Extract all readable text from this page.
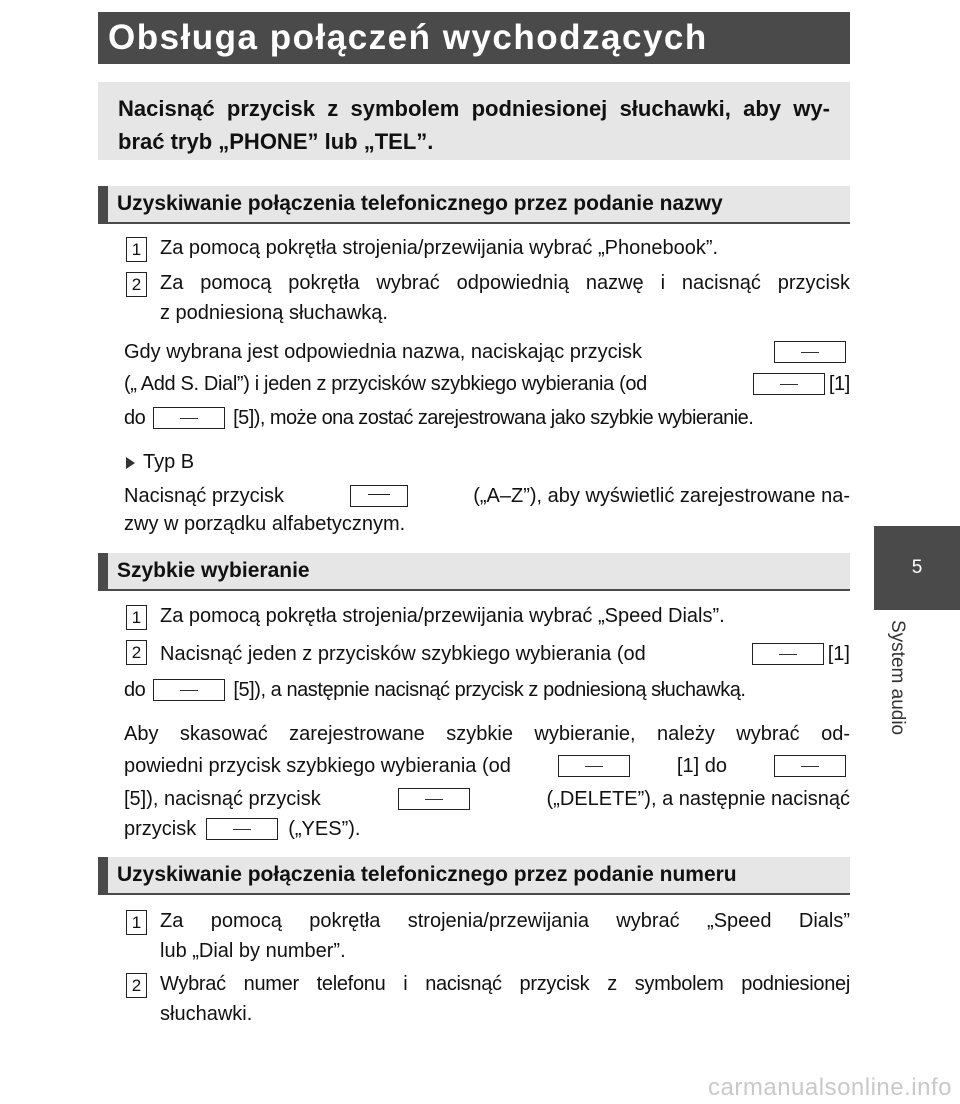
Obsługa połączeń wychodzących
Nacisnąć przycisk z symbolem podniesionej słuchawki, aby wy-
brać tryb „PHONE” lub „TEL”.
Uzyskiwanie połączenia telefonicznego przez podanie nazwy
1 Za pomocą pokrętła strojenia/przewijania wybrać „Phonebook”.
2 Za pomocą pokrętła wybrać odpowiednią nazwę i nacisnąć przycisk
z podniesioną słuchawką.
Gdy wybrana jest odpowiednia nazwa, naciskając przycisk
(„ Add S. Dial”) i jeden z przycisków szybkiego wybierania (od	[1]
do	[5]), może ona zostać zarejestrowana jako szybkie wybieranie.
Typ B
Nacisnąć przycisk	(„A–Z”), aby wyświetlić zarejestrowane na-
zwy w porządku alfabetycznym.
Szybkie wybieranie
1 Za pomocą pokrętła strojenia/przewijania wybrać „Speed Dials”.
2 Nacisnąć jeden z przycisków szybkiego wybierania (od	[1]
do	[5]), a następnie nacisnąć przycisk z podniesioną słuchawką.
Aby skasować zarejestrowane szybkie wybieranie, należy wybrać od-
powiedni przycisk szybkiego wybierania (od	[1] do
[5]), nacisnąć przycisk	(„DELETE”), a następnie nacisnąć
przycisk	(„YES”).
Uzyskiwanie połączenia telefonicznego przez podanie numeru
1 Za pomocą pokrętła strojenia/przewijania wybrać „Speed Dials”
lub „Dial by number”.
2 Wybrać numer telefonu i nacisnąć przycisk z symbolem podniesionej
słuchawki.
5
System audio
carmanualsonline.info
